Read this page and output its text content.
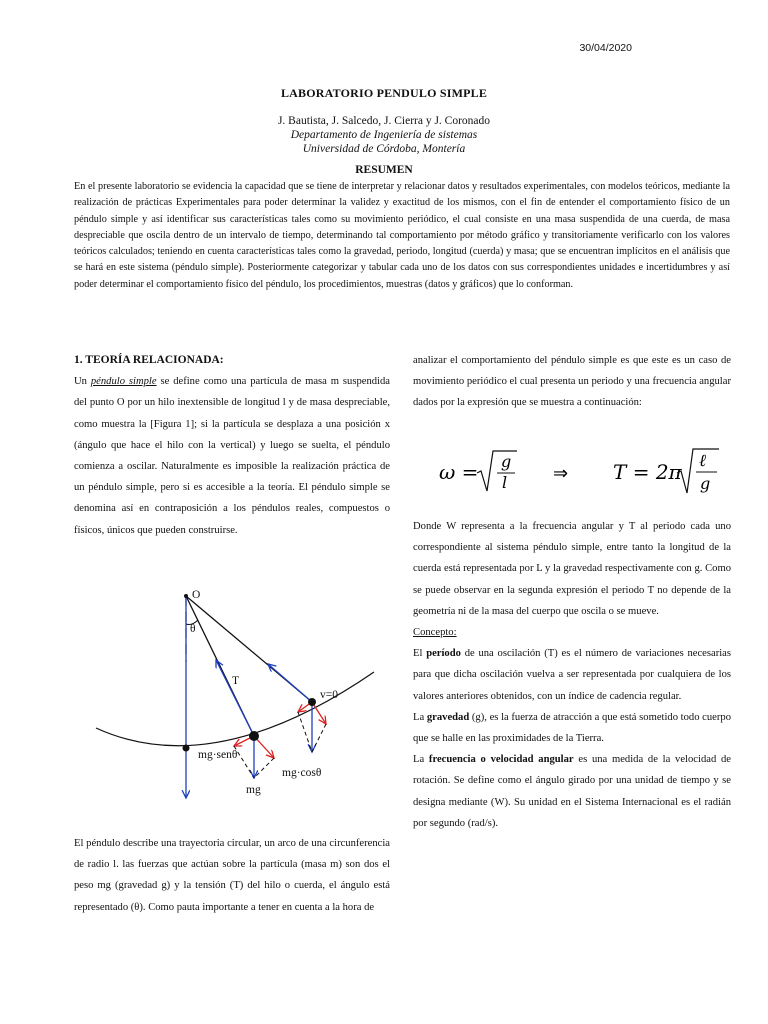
30/04/2020
LABORATORIO PENDULO SIMPLE
J. Bautista, J. Salcedo, J. Cierra y J. Coronado
Departamento de Ingeniería de sistemas
Universidad de Córdoba, Montería
RESUMEN
En el presente laboratorio se evidencia la capacidad que se tiene de interpretar y relacionar datos y resultados experimentales, con modelos teóricos, mediante la realización de prácticas Experimentales para poder determinar la validez y exactitud de los mismos, con el fin de entender el comportamiento físico de un péndulo simple y así identificar sus características tales como su movimiento periódico, el cual consiste en una masa suspendida de una cuerda, de masa despreciable que oscila dentro de un intervalo de tiempo, determinando tal comportamiento por método gráfico y transitoriamente verificarlo con los valores teóricos calculados; teniendo en cuenta características tales como la gravedad, periodo, longitud (cuerda) y masa; que se encuentran implícitos en el análisis que se hará en este sistema (péndulo simple). Posteriormente categorizar y tabular cada uno de los datos con sus correspondientes unidades e incertidumbres y así poder determinar el comportamiento físico del péndulo, los procedimientos, muestras (datos y gráficos) que lo conforman.
1. TEORÍA RELACIONADA:

Un péndulo simple se define como una partícula de masa m suspendida del punto O por un hilo inextensible de longitud l y de masa despreciable, como muestra la [Figura 1]; si la partícula se desplaza a una posición x (ángulo que hace el hilo con la vertical) y luego se suelta, el péndulo comienza a oscilar. Naturalmente es imposible la realización práctica de un péndulo simple, pero si es accesible a la teoría. El péndulo simple se denomina así en contraposición a los péndulos reales, compuestos o físicos, únicos que pueden construirse.

O
θ
T
v=0
mg·senθ
mg·cosθ
mg
El péndulo describe una trayectoria circular, un arco de una circunferencia de radio l. las fuerzas que actúan sobre la partícula (masa m) son dos el peso mg (gravedad g) y la tensión (T) del hilo o cuerda, el ángulo está representado (θ). Como pauta importante a tener en cuenta a la hora de
analizar el comportamiento del péndulo simple es que este es un caso de movimiento periódico el cual presenta un periodo y una frecuencia angular dados por la expresión que se muestra a continuación:
ω = g
l	⇒ T = 2π ℓ
g

Donde W representa a la frecuencia angular y T al periodo cada uno correspondiente al sistema péndulo simple, entre tanto la longitud de la cuerda está representada por L y la gravedad respectivamente con g. Como se puede observar en la segunda expresión el periodo T no depende de la geometría ni de la masa del cuerpo que oscila o se mueve.

Concepto:

El período de una oscilación (T) es el número de variaciones necesarias para que dicha oscilación vuelva a ser representada por cualquiera de los valores anteriores obtenidos, con un índice de cadencia regular.

La gravedad (g), es la fuerza de atracción a que está sometido todo cuerpo que se halle en las proximidades de la Tierra.

La frecuencia o velocidad angular es una medida de la velocidad de rotación. Se define como el ángulo girado por una unidad de tiempo y se designa mediante (W). Su unidad en el Sistema Internacional es el radián por segundo (rad/s).
